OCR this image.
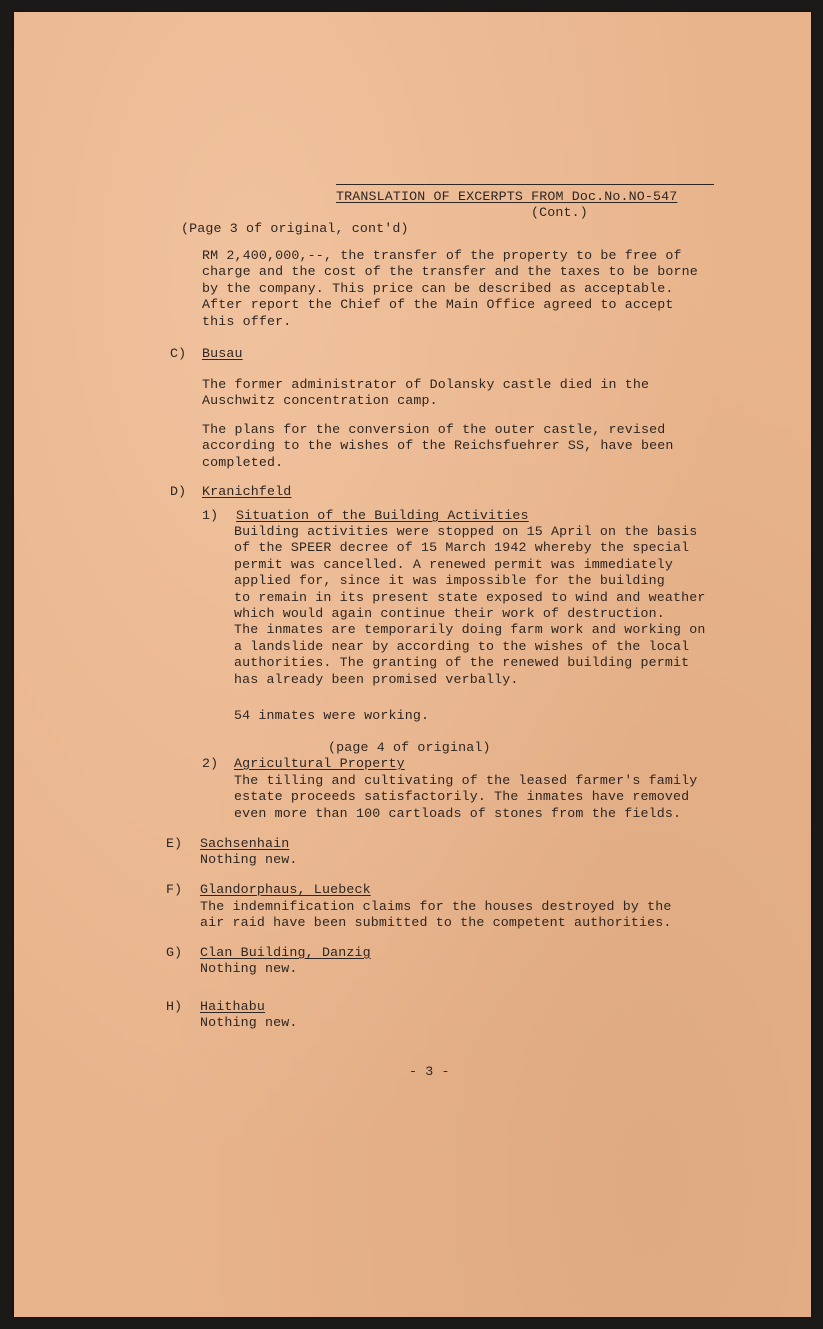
TRANSLATION OF EXCERPTS FROM Doc.No.NO-547
(Cont.)
(Page 3 of original, cont'd)
RM 2,400,000,--, the transfer of the property to be free of
charge and the cost of the transfer and the taxes to be borne
by the company. This price can be described as acceptable.
After report the Chief of the Main Office agreed to accept
this offer.
C) Busau
The former administrator of Dolansky castle died in the
Auschwitz concentration camp.
The plans for the conversion of the outer castle, revised
according to the wishes of the Reichsfuehrer SS, have been
completed.
D) Kranichfeld
1) Situation of the Building Activities
Building activities were stopped on 15 April on the basis
of the SPEER decree of 15 March 1942 whereby the special
permit was cancelled. A renewed permit was immediately
applied for, since it was impossible for the building
to remain in its present state exposed to wind and weather
which would again continue their work of destruction.
The inmates are temporarily doing farm work and working on
a landslide near by according to the wishes of the local
authorities. The granting of the renewed building permit
has already been promised verbally.
54 inmates were working.
(page 4 of original)
2) Agricultural Property
The tilling and cultivating of the leased farmer's family
estate proceeds satisfactorily. The inmates have removed
even more than 100 cartloads of stones from the fields.
E) Sachsenhain
Nothing new.
F) Glandorphaus, Luebeck
The indemnification claims for the houses destroyed by the
air raid have been submitted to the competent authorities.
G) Clan Building, Danzig
Nothing new.
H) Haithabu
Nothing new.
- 3 -
